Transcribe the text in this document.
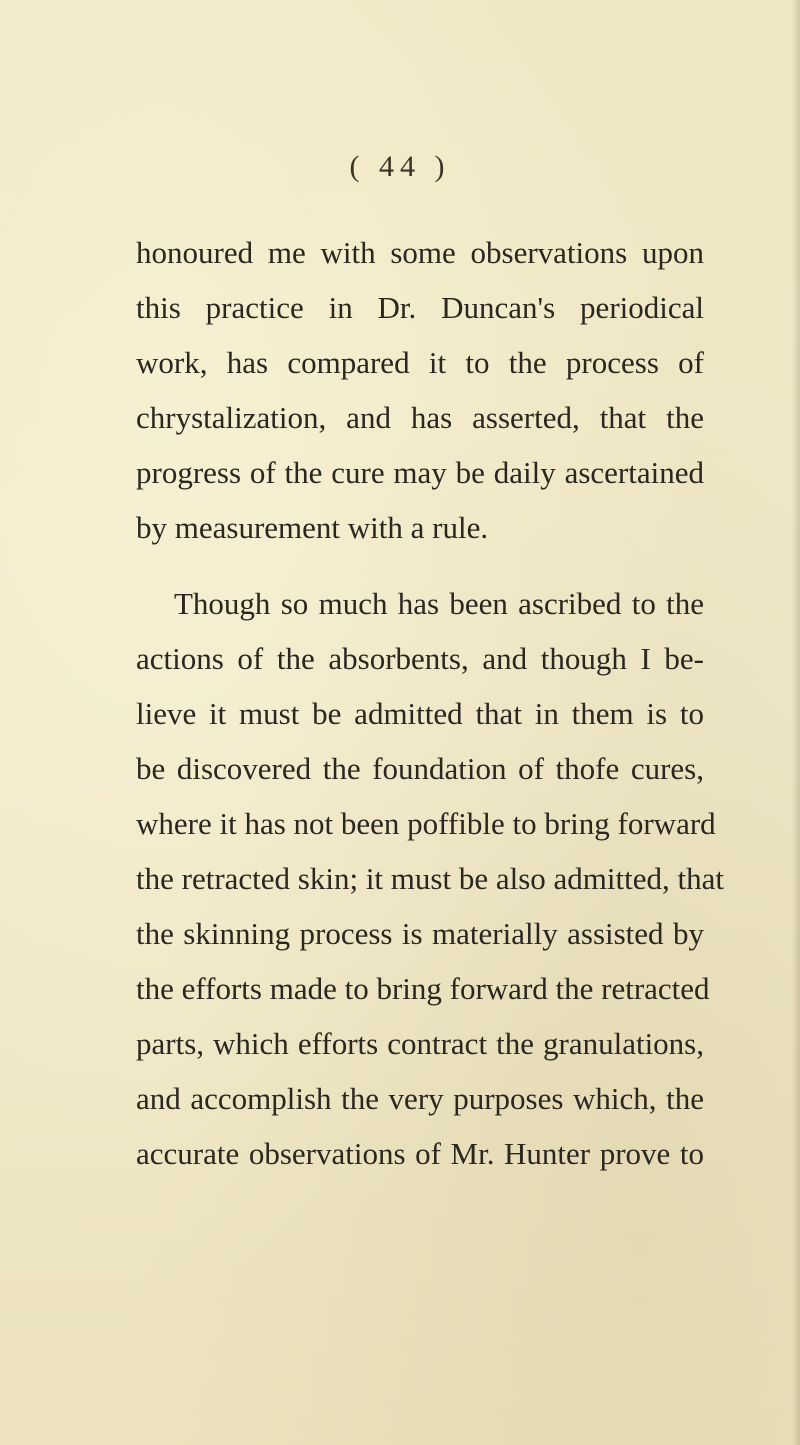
( 44 )
honoured me with some observations upon
this practice in Dr. Duncan's periodical
work, has compared it to the process of
chrystalization, and has asserted, that the
progress of the cure may be daily ascertained
by measurement with a rule.
Though so much has been ascribed to the
actions of the absorbents, and though I be-
lieve it must be admitted that in them is to
be discovered the foundation of thofe cures,
where it has not been poffible to bring forward
the retracted skin; it must be also admitted, that
the skinning process is materially assisted by
the efforts made to bring forward the retracted
parts, which efforts contract the granulations,
and accomplish the very purposes which, the
accurate observations of Mr. Hunter prove to
